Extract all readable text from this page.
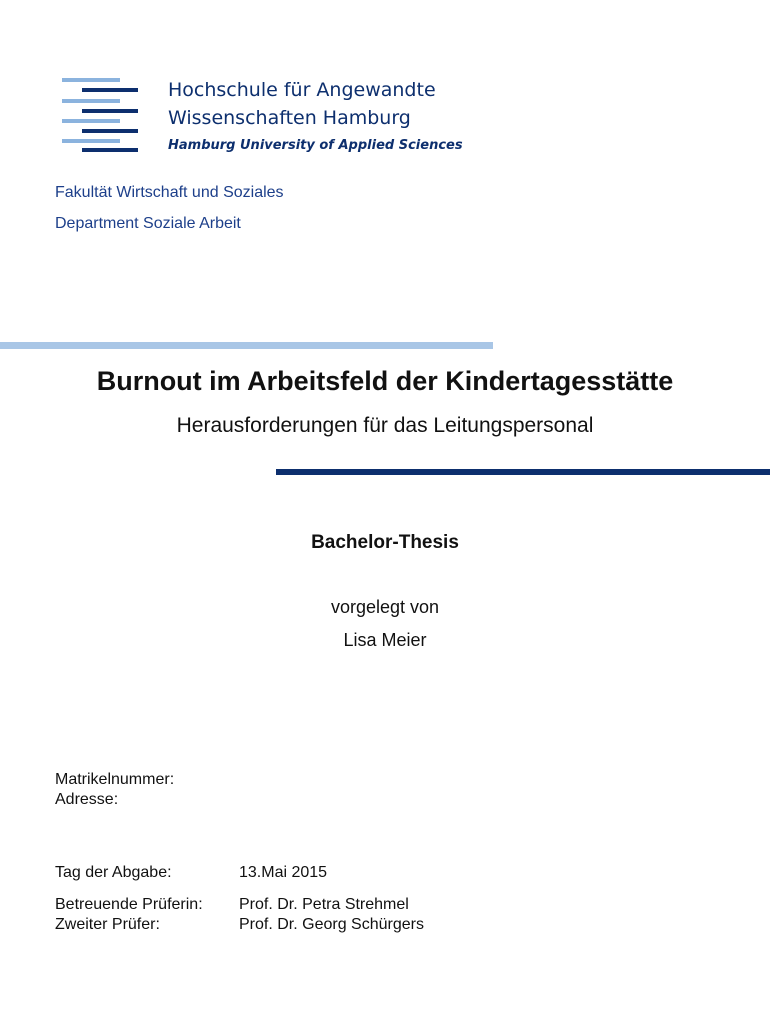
Hochschule für Angewandte
Wissenschaften Hamburg
Hamburg University of Applied Sciences
Fakultät Wirtschaft und Soziales
Department Soziale Arbeit
Burnout im Arbeitsfeld der Kindertagesstätte
Herausforderungen für das Leitungspersonal
Bachelor-Thesis
vorgelegt von
Lisa Meier
Matrikelnummer:
Adresse:
Tag der Abgabe:	13.Mai 2015
Betreuende Prüferin: Prof. Dr. Petra Strehmel
Zweiter Prüfer:	Prof. Dr. Georg Schürgers
